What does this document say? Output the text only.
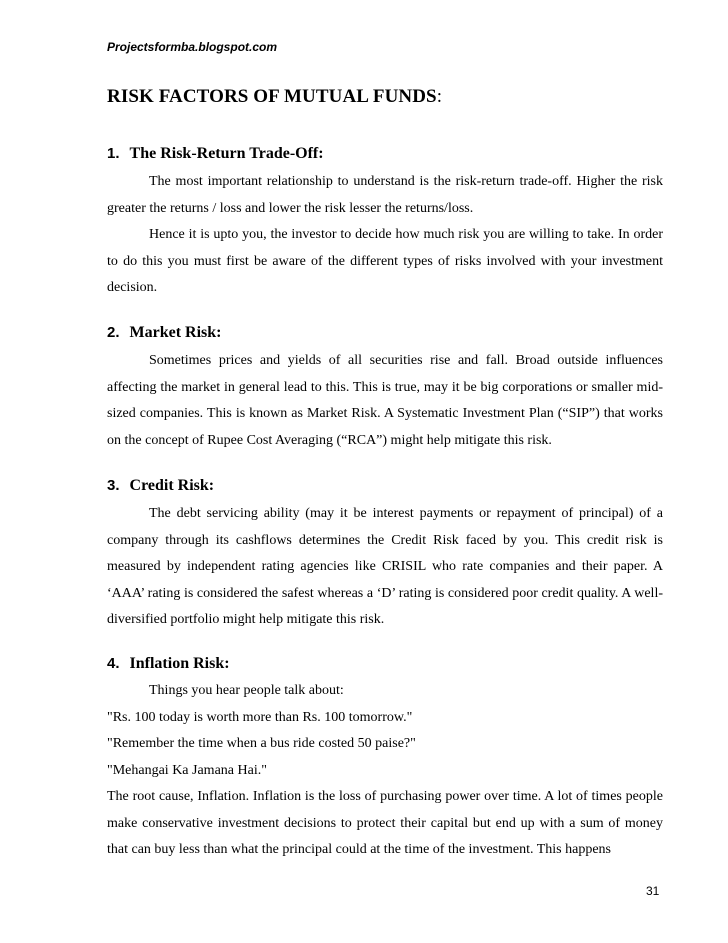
Projectsformba.blogspot.com
RISK FACTORS OF MUTUAL FUNDS:
1. The Risk-Return Trade-Off:
The most important relationship to understand is the risk-return trade-off. Higher the risk greater the returns / loss and lower the risk lesser the returns/loss.
Hence it is upto you, the investor to decide how much risk you are willing to take. In order to do this you must first be aware of the different types of risks involved with your investment decision.
2. Market Risk:
Sometimes prices and yields of all securities rise and fall. Broad outside influences affecting the market in general lead to this. This is true, may it be big corporations or smaller mid-sized companies. This is known as Market Risk. A Systematic Investment Plan (“SIP”) that works on the concept of Rupee Cost Averaging (“RCA”) might help mitigate this risk.
3. Credit Risk:
The debt servicing ability (may it be interest payments or repayment of principal) of a company through its cashflows determines the Credit Risk faced by you. This credit risk is measured by independent rating agencies like CRISIL who rate companies and their paper. A ‘AAA’ rating is considered the safest whereas a ‘D’ rating is considered poor credit quality. A well-diversified portfolio might help mitigate this risk.
4. Inflation Risk:
Things you hear people talk about:
"Rs. 100 today is worth more than Rs. 100 tomorrow."
"Remember the time when a bus ride costed 50 paise?"
"Mehangai Ka Jamana Hai."
The root cause, Inflation. Inflation is the loss of purchasing power over time. A lot of times people make conservative investment decisions to protect their capital but end up with a sum of money that can buy less than what the principal could at the time of the investment. This happens
31
